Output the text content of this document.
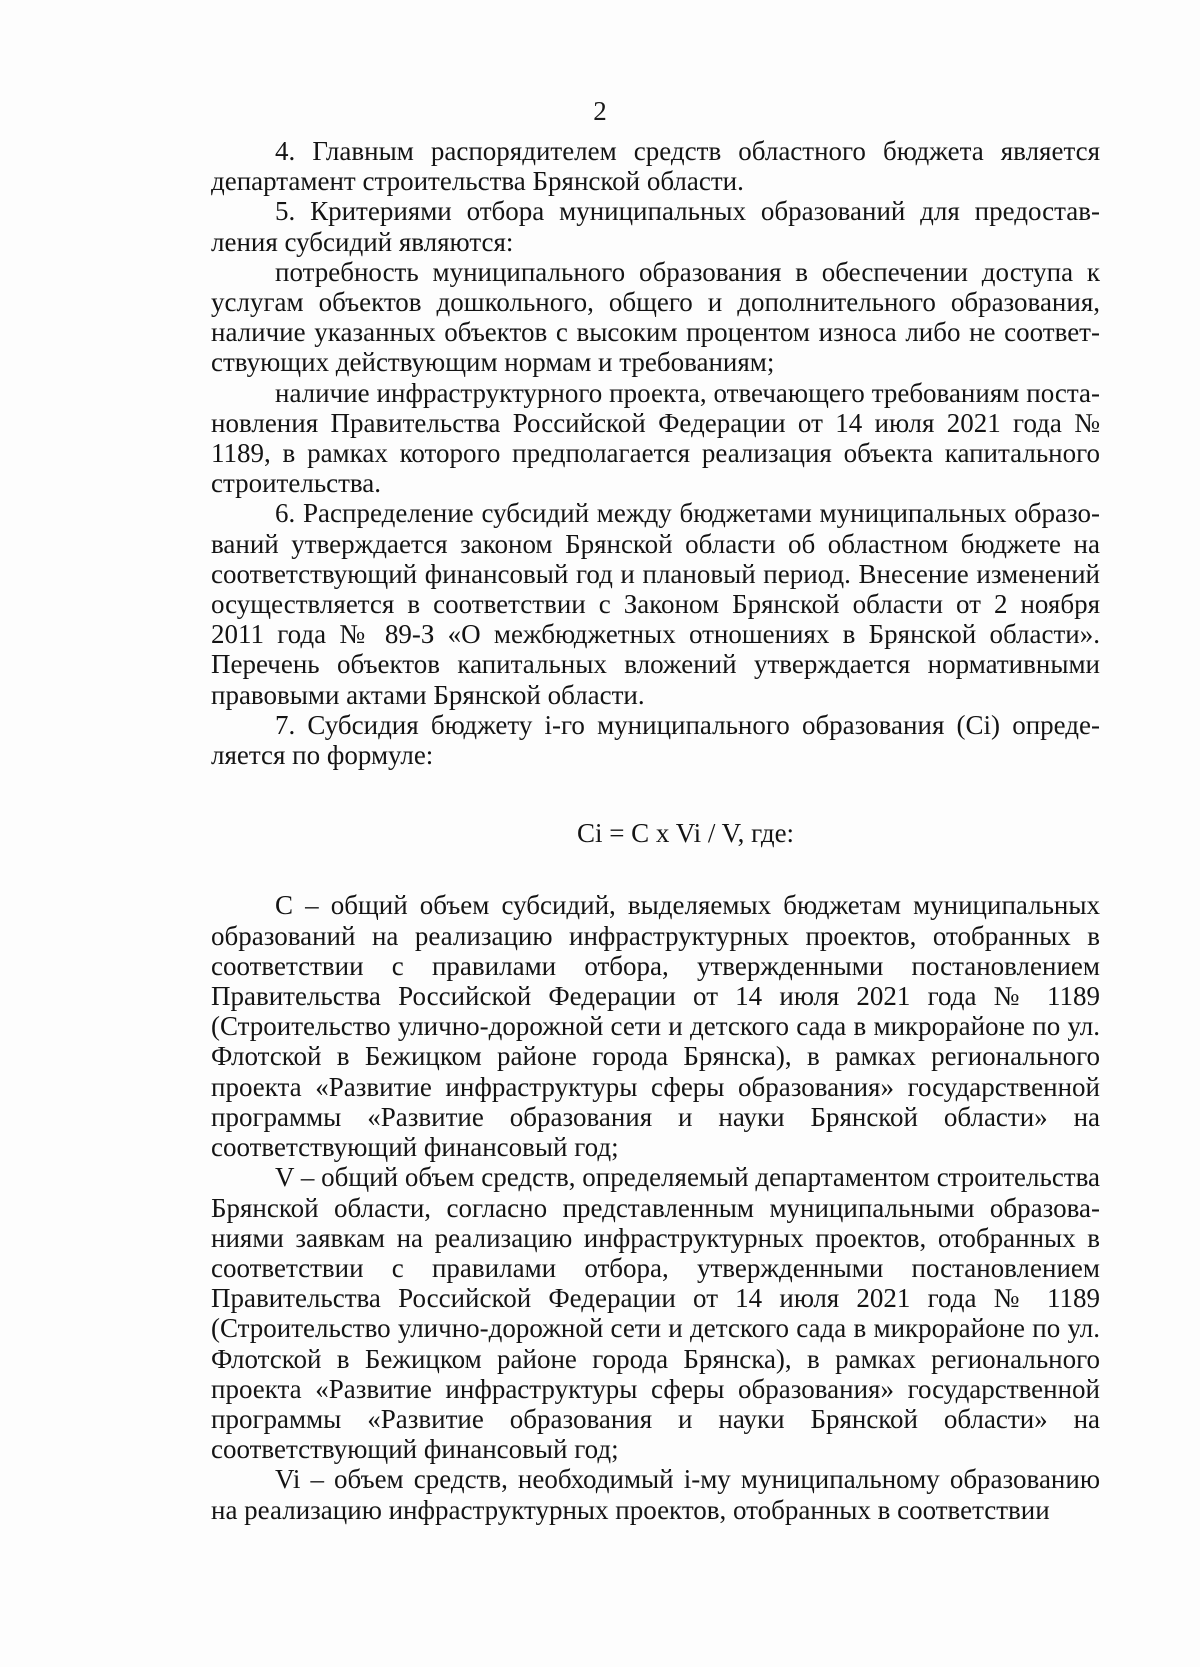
2

4. Главным распорядителем средств областного бюджета является департамент строительства Брянской области.

5. Критериями отбора муниципальных образований для предоставления субсидий являются:

потребность муниципального образования в обеспечении доступа к услугам объектов дошкольного, общего и дополнительного образования, наличие указанных объектов с высоким процентом износа либо не соответствующих действующим нормам и требованиям;

наличие инфраструктурного проекта, отвечающего требованиям постановления Правительства Российской Федерации от 14 июля 2021 года № 1189, в рамках которого предполагается реализация объекта капитального строительства.

6. Распределение субсидий между бюджетами муниципальных образований утверждается законом Брянской области об областном бюджете на соответствующий финансовый год и плановый период. Внесение изменений осуществляется в соответствии с Законом Брянской области от 2 ноября 2011 года № 89-З «О межбюджетных отношениях в Брянской области». Перечень объектов капитальных вложений утверждается нормативными правовыми актами Брянской области.

7. Субсидия бюджету i-го муниципального образования (Ci) определяется по формуле:

Ci = C x Vi / V, где:

С – общий объем субсидий, выделяемых бюджетам муниципальных образований на реализацию инфраструктурных проектов, отобранных в соответствии с правилами отбора, утвержденными постановлением Правительства Российской Федерации от 14 июля 2021 года № 1189 (Строительство улично-дорожной сети и детского сада в микрорайоне по ул. Флотской в Бежицком районе города Брянска), в рамках регионального проекта «Развитие инфраструктуры сферы образования» государственной программы «Развитие образования и науки Брянской области» на соответствующий финансовый год;

V – общий объем средств, определяемый департаментом строительства Брянской области, согласно представленным муниципальными образованиями заявкам на реализацию инфраструктурных проектов, отобранных в соответствии с правилами отбора, утвержденными постановлением Правительства Российской Федерации от 14 июля 2021 года № 1189 (Строительство улично-дорожной сети и детского сада в микрорайоне по ул. Флотской в Бежицком районе города Брянска), в рамках регионального проекта «Развитие инфраструктуры сферы образования» государственной программы «Развитие образования и науки Брянской области» на соответствующий финансовый год;

Vi – объем средств, необходимый i-му муниципальному образованию на реализацию инфраструктурных проектов, отобранных в соответствии
